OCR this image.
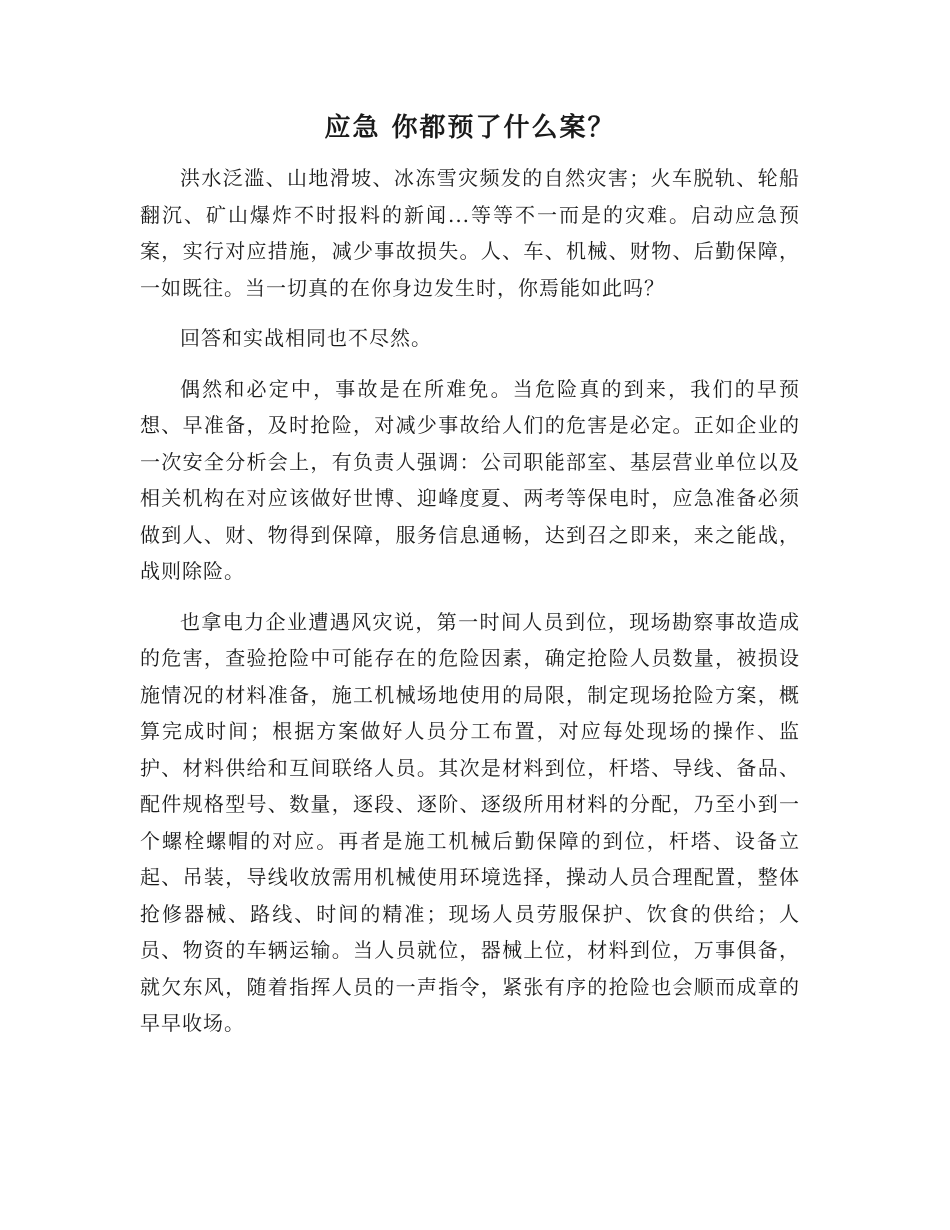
应急 你都预了什么案？

洪水泛滥、山地滑坡、冰冻雪灾频发的自然灾害；火车脱轨、轮船翻沉、矿山爆炸不时报料的新闻...等等不一而是的灾难。启动应急预案，实行对应措施，减少事故损失。人、车、机械、财物、后勤保障，一如既往。当一切真的在你身边发生时，你焉能如此吗？

回答和实战相同也不尽然。

偶然和必定中，事故是在所难免。当危险真的到来，我们的早预想、早准备，及时抢险，对减少事故给人们的危害是必定。正如企业的一次安全分析会上，有负责人强调：公司职能部室、基层营业单位以及相关机构在对应该做好世博、迎峰度夏、两考等保电时，应急准备必须做到人、财、物得到保障，服务信息通畅，达到召之即来，来之能战，战则除险。

也拿电力企业遭遇风灾说，第一时间人员到位，现场勘察事故造成的危害，查验抢险中可能存在的危险因素，确定抢险人员数量，被损设施情况的材料准备，施工机械场地使用的局限，制定现场抢险方案，概算完成时间；根据方案做好人员分工布置，对应每处现场的操作、监护、材料供给和互间联络人员。其次是材料到位，杆塔、导线、备品、配件规格型号、数量，逐段、逐阶、逐级所用材料的分配，乃至小到一个螺栓螺帽的对应。再者是施工机械后勤保障的到位，杆塔、设备立起、吊装，导线收放需用机械使用环境选择，操动人员合理配置，整体抢修器械、路线、时间的精准；现场人员劳服保护、饮食的供给；人员、物资的车辆运输。当人员就位，器械上位，材料到位，万事俱备，就欠东风，随着指挥人员的一声指令，紧张有序的抢险也会顺而成章的早早收场。
